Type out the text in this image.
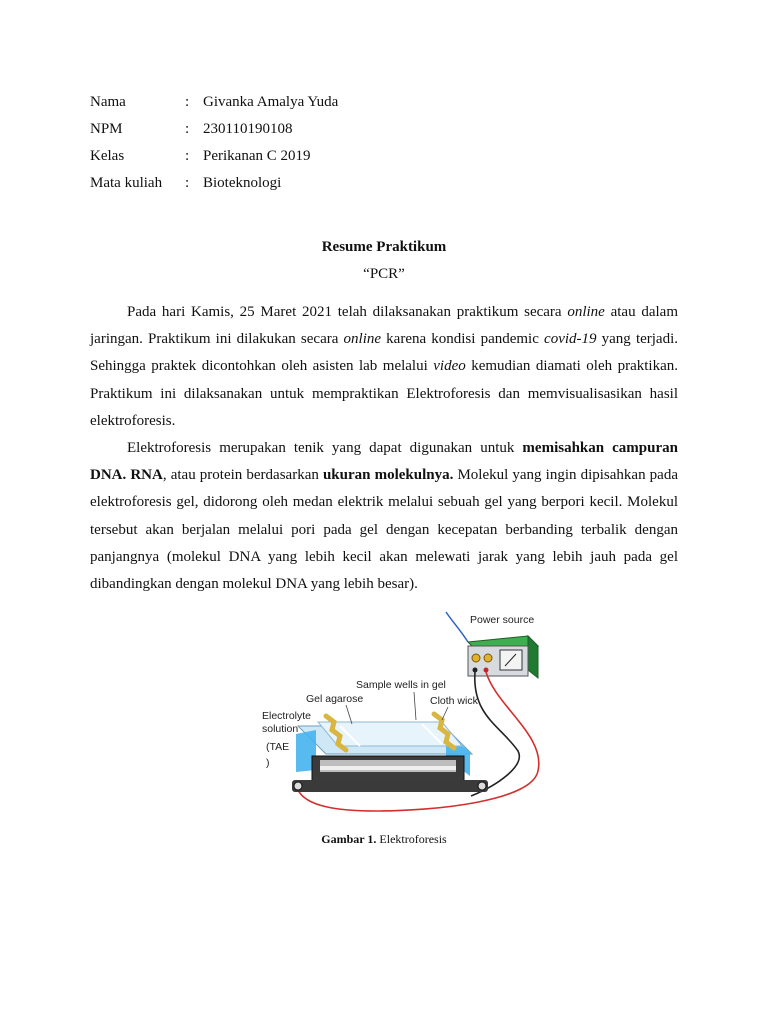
Nama	: Givanka Amalya Yuda
NPM	: 230110190108
Kelas	: Perikanan C 2019
Mata kuliah : Bioteknologi
Resume Praktikum
“PCR”

Pada hari Kamis, 25 Maret 2021 telah dilaksanakan praktikum secara online atau dalam jaringan. Praktikum ini dilakukan secara online karena kondisi pandemic covid-19 yang terjadi. Sehingga praktek dicontohkan oleh asisten lab melalui video kemudian diamati oleh praktikan. Praktikum ini dilaksanakan untuk mempraktikan Elektroforesis dan memvisualisasikan hasil elektroforesis.

Elektroforesis merupakan tenik yang dapat digunakan untuk memisahkan campuran DNA. RNA, atau protein berdasarkan ukuran molekulnya. Molekul yang ingin dipisahkan pada elektroforesis gel, didorong oleh medan elektrik melalui sebuah gel yang berpori kecil. Molekul tersebut akan berjalan melalui pori pada gel dengan kecepatan berbanding terbalik dengan panjangnya (molekul DNA yang lebih kecil akan melewati jarak yang lebih jauh pada gel dibandingkan dengan molekul DNA yang lebih besar).

Power source
Sample wells in gel
Gel agarose	Cloth wick
Electrolyte
solution
(TAE
)
Gambar 1. Elektroforesis
